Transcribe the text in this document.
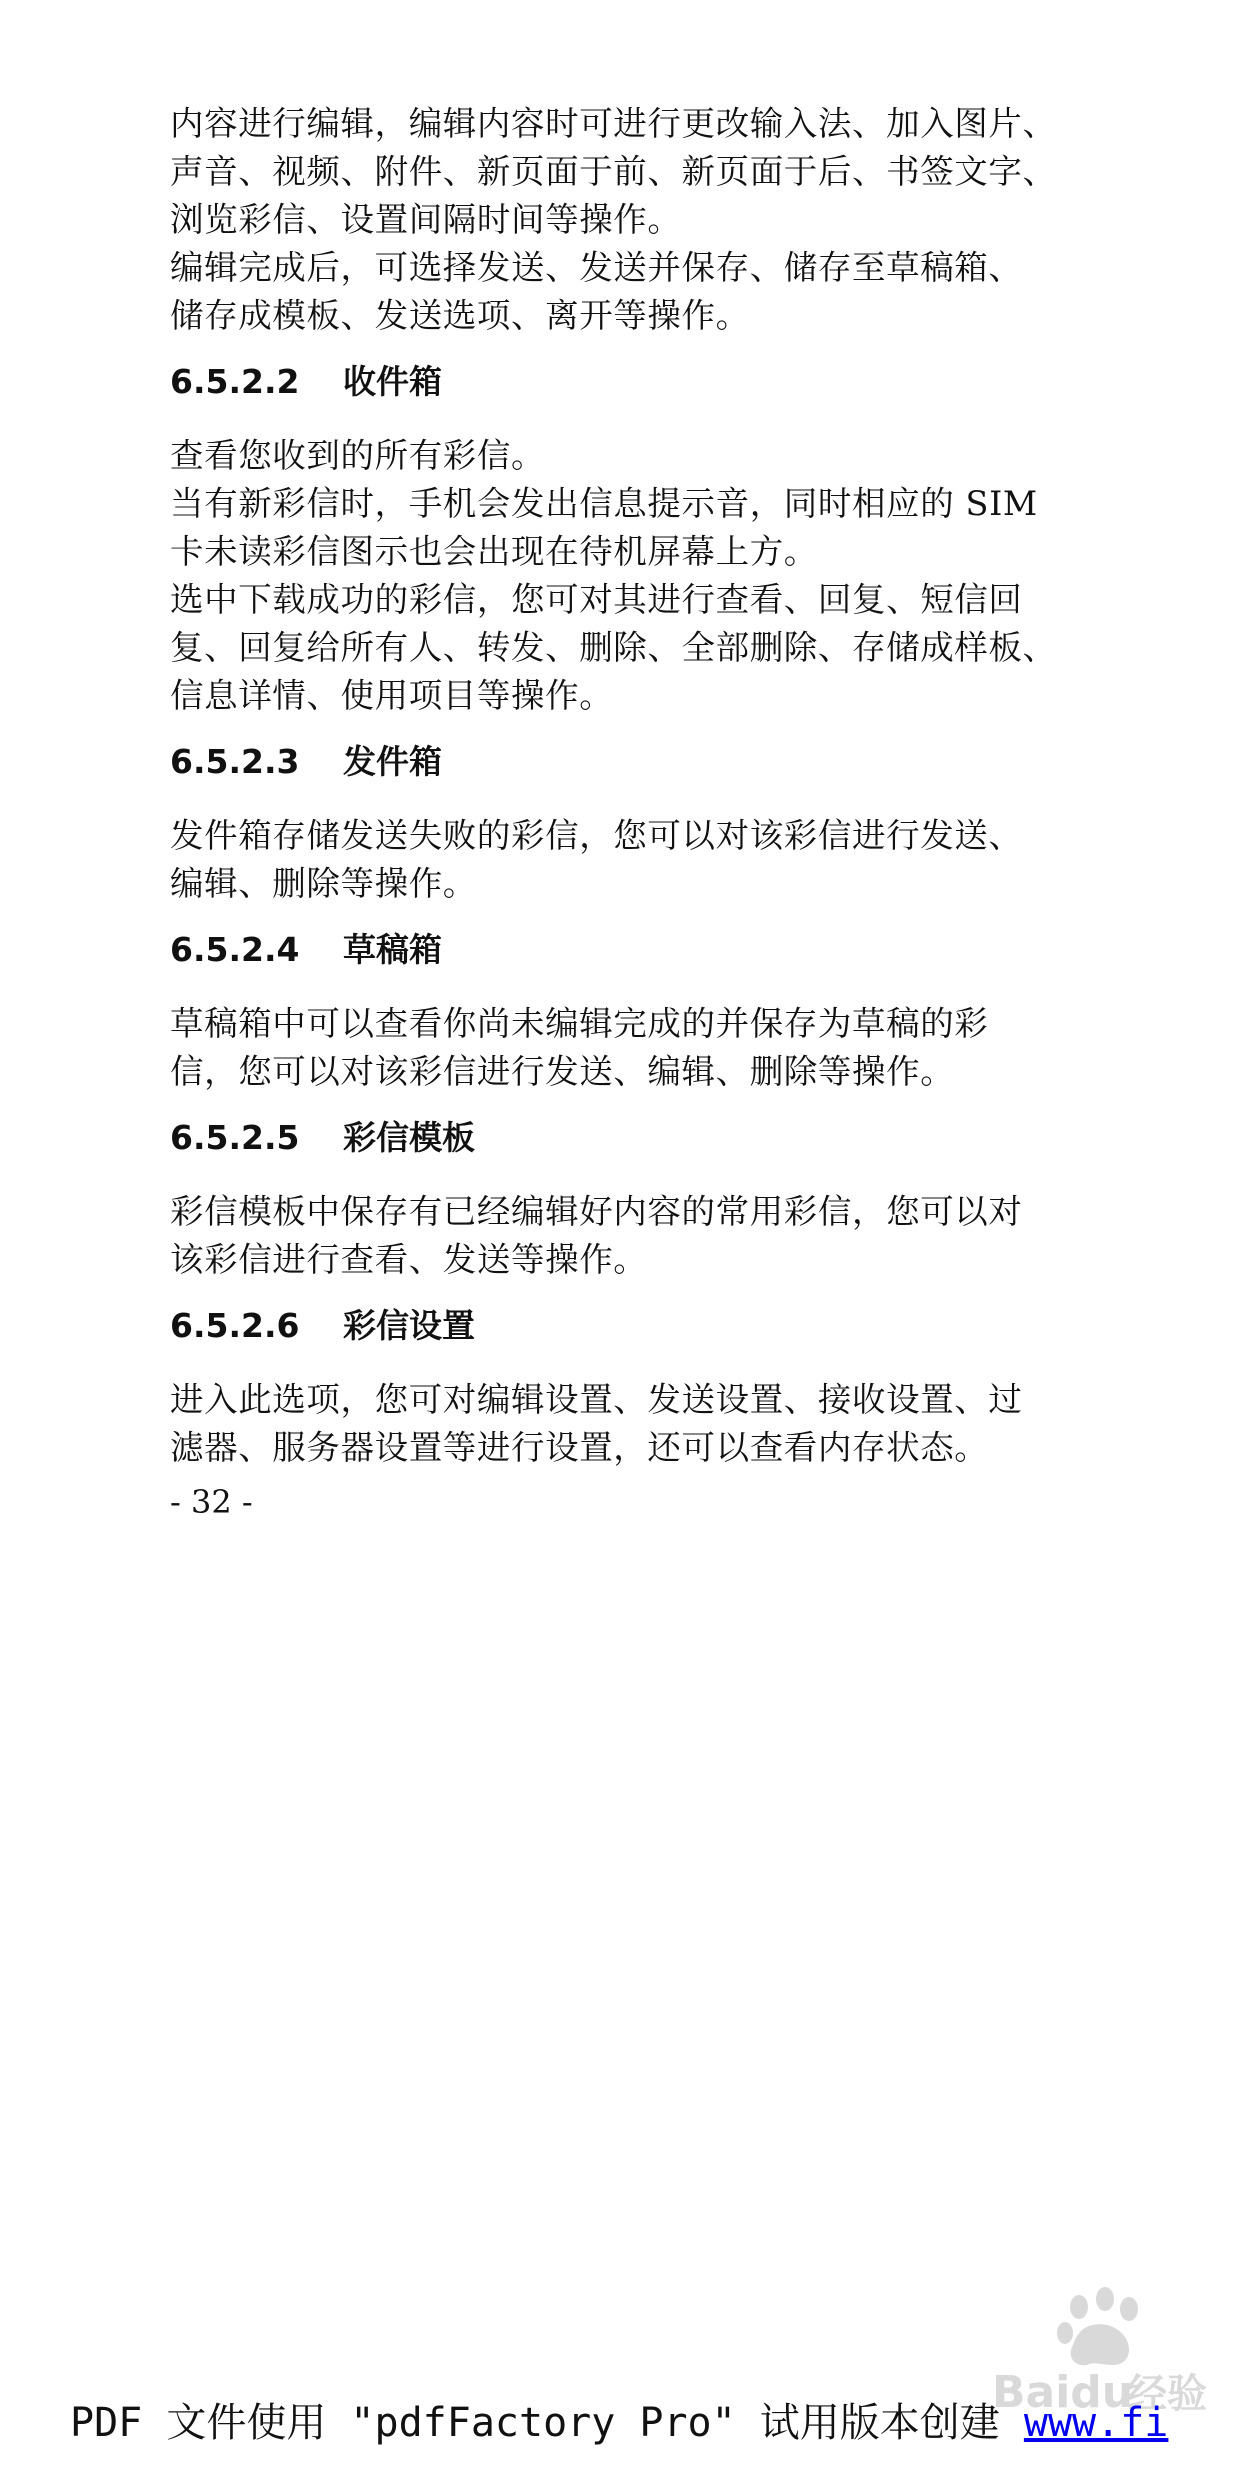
内容进行编辑，编辑内容时可进行更改输入法、加入图片、

声音、视频、附件、新页面于前、新页面于后、书签文字、

浏览彩信、设置间隔时间等操作。

编辑完成后，可选择发送、发送并保存、储存至草稿箱、

储存成模板、发送选项、离开等操作。

6.5.2.2	收件箱

查看您收到的所有彩信。

当有新彩信时，手机会发出信息提示音，同时相应的 SIM

卡未读彩信图示也会出现在待机屏幕上方。

选中下载成功的彩信，您可对其进行查看、回复、短信回

复、回复给所有人、转发、删除、全部删除、存储成样板、

信息详情、使用项目等操作。

6.5.2.3	发件箱

发件箱存储发送失败的彩信，您可以对该彩信进行发送、

编辑、删除等操作。

6.5.2.4	草稿箱

草稿箱中可以查看你尚未编辑完成的并保存为草稿的彩

信，您可以对该彩信进行发送、编辑、删除等操作。

6.5.2.5	彩信模板

彩信模板中保存有已经编辑好内容的常用彩信，您可以对

该彩信进行查看、发送等操作。

6.5.2.6	彩信设置

进入此选项，您可对编辑设置、发送设置、接收设置、过

滤器、服务器设置等进行设置，还可以查看内存状态。

- 32 -
Baidu
经验
PDF 文件使用 "pdfFactory Pro" 试用版本创建 www.fi
